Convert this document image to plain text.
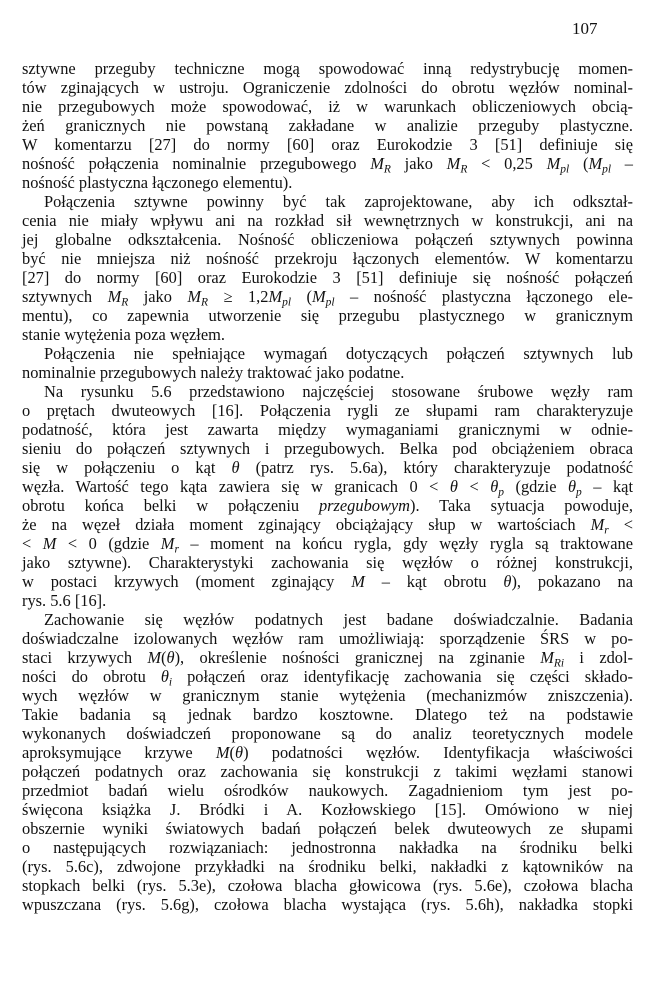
107
sztywne przeguby techniczne mogą spowodować inną redystrybucję momen-
tów zginających w ustroju. Ograniczenie zdolności do obrotu węzłów nominal-
nie przegubowych może spowodować, iż w warunkach obliczeniowych obcią-
żeń granicznych nie powstaną zakładane w analizie przeguby plastyczne.
W komentarzu [27] do normy [60] oraz Eurokodzie 3 [51] definiuje się
nośność połączenia nominalnie przegubowego $M_R$ jako $M_R < 0,25$ $M_{pl}$ ($M_{pl}$ –
nośność plastyczna łączonego elementu).
Połączenia sztywne powinny być tak zaprojektowane, aby ich odkształ-
cenia nie miały wpływu ani na rozkład sił wewnętrznych w konstrukcji, ani na
jej globalne odkształcenia. Nośność obliczeniowa połączeń sztywnych powinna
być nie mniejsza niż nośność przekroju łączonych elementów. W komentarzu
[27] do normy [60] oraz Eurokodzie 3 [51] definiuje się nośność połączeń
sztywnych $M_R$ jako $M_R \ge 1,2M_{pl}$ ($M_{pl}$ – nośność plastyczna łączonego ele-
mentu), co zapewnia utworzenie się przegubu plastycznego w granicznym
stanie wytężenia poza węzłem.
Połączenia nie spełniające wymagań dotyczących połączeń sztywnych lub
nominalnie przegubowych należy traktować jako podatne.
Na rysunku 5.6 przedstawiono najczęściej stosowane śrubowe węzły ram
o prętach dwuteowych [16]. Połączenia rygli ze słupami ram charakteryzuje
podatność, która jest zawarta między wymaganiami granicznymi w odnie-
sieniu do połączeń sztywnych i przegubowych. Belka pod obciążeniem obraca
się w połączeniu o kąt θ (patrz rys. 5.6a), który charakteryzuje podatność
węzła. Wartość tego kąta zawiera się w granicach $0 < \theta < \theta_p$ (gdzie $\theta_p$ – kąt
obrotu końca belki w połączeniu przegubowym). Taka sytuacja powoduje,
że na węzeł działa moment zginający obciążający słup w wartościach $M_r$ <
< M < 0 (gdzie $M_r$ – moment na końcu rygla, gdy węzły rygla są traktowane
jako sztywne). Charakterystyki zachowania się węzłów o różnej konstrukcji,
w postaci krzywych (moment zginający M – kąt obrotu θ), pokazano na
rys. 5.6 [16].
Zachowanie się węzłów podatnych jest badane doświadczalnie. Badania
doświadczalne izolowanych węzłów ram umożliwiają: sporządzenie ŚRS w po-
staci krzywych M(θ), określenie nośności granicznej na zginanie $M_{Ri}$ i zdol-
ności do obrotu $\theta_i$ połączeń oraz identyfikację zachowania się części składo-
wych węzłów w granicznym stanie wytężenia (mechanizmów zniszczenia).
Takie badania są jednak bardzo kosztowne. Dlatego też na podstawie
wykonanych doświadczeń proponowane są do analiz teoretycznych modele
aproksymujące krzywe M(θ) podatności węzłów. Identyfikacja właściwości
połączeń podatnych oraz zachowania się konstrukcji z takimi węzłami stanowi
przedmiot badań wielu ośrodków naukowych. Zagadnieniom tym jest po-
święcona książka J. Bródki i A. Kozłowskiego [15]. Omówiono w niej
obszernie wyniki światowych badań połączeń belek dwuteowych ze słupami
o następujących rozwiązaniach: jednostronna nakładka na środniku belki
(rys. 5.6c), zdwojone przykładki na środniku belki, nakładki z kątowników na
stopkach belki (rys. 5.3e), czołowa blacha głowicowa (rys. 5.6e), czołowa blacha
wpuszczana (rys. 5.6g), czołowa blacha wystająca (rys. 5.6h), nakładka stopki
